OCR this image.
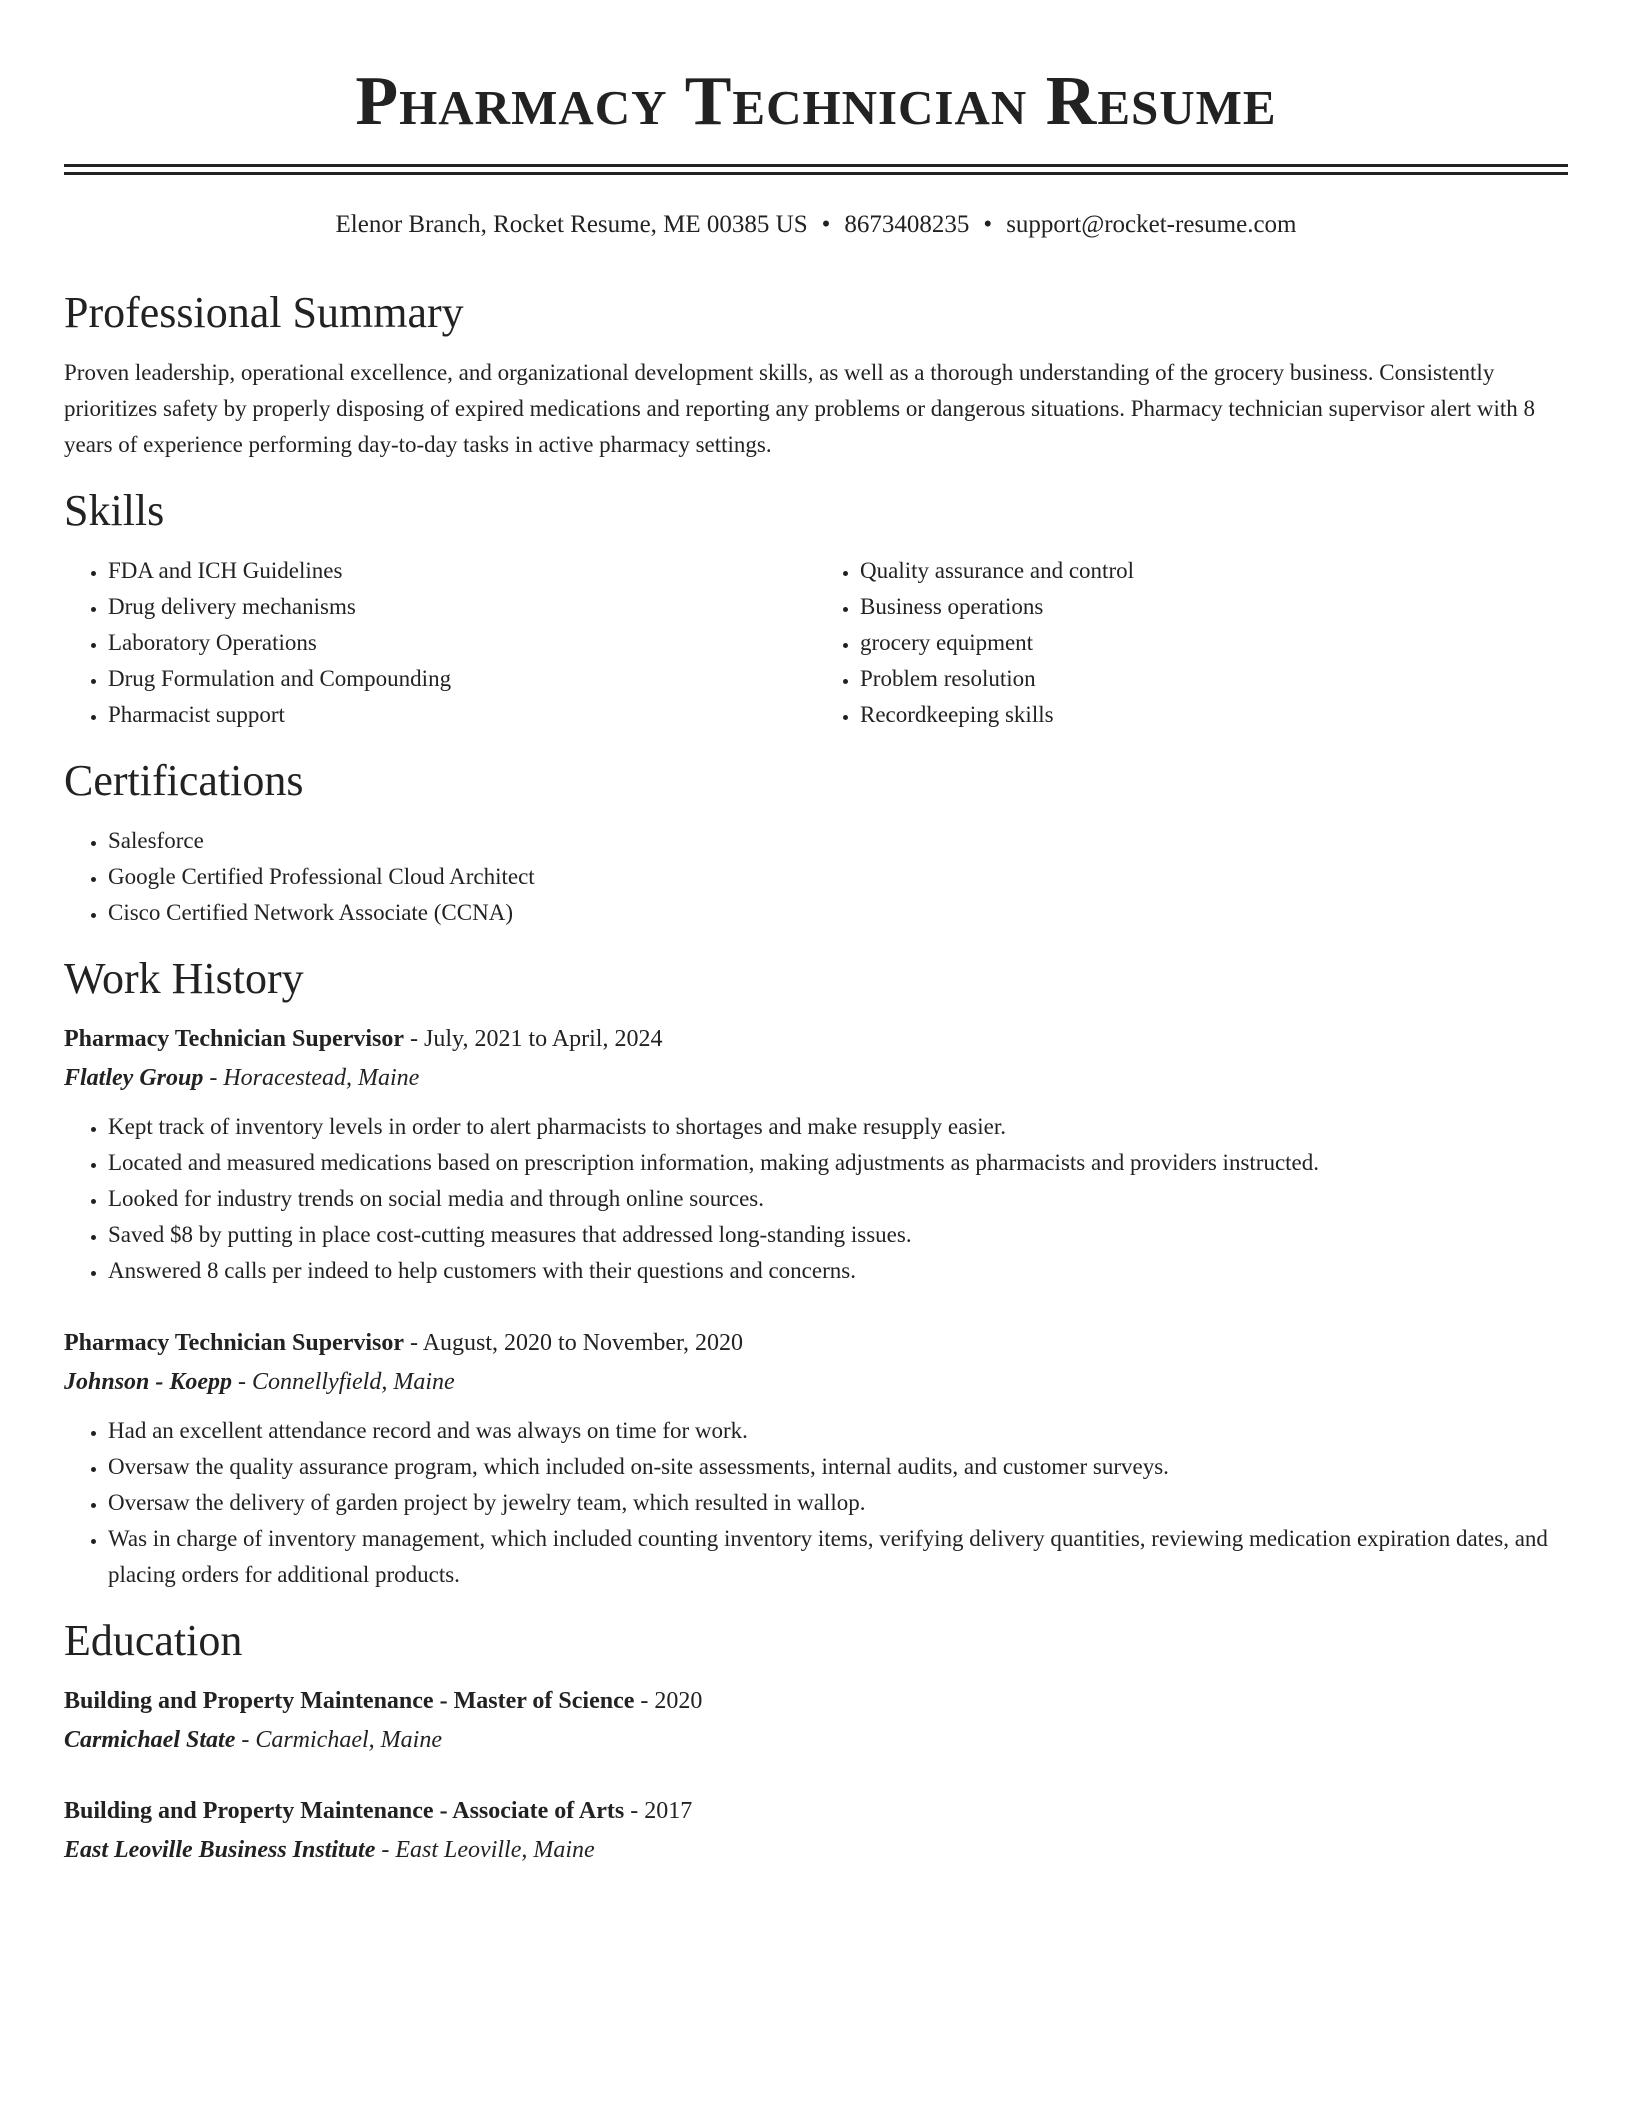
Pharmacy Technician Resume
Elenor Branch, Rocket Resume, ME 00385 US • 8673408235 • support@rocket-resume.com
Professional Summary

Proven leadership, operational excellence, and organizational development skills, as well as a thorough understanding of the grocery business. Consistently prioritizes safety by properly disposing of expired medications and reporting any problems or dangerous situations. Pharmacy technician supervisor alert with 8 years of experience performing day-to-day tasks in active pharmacy settings.

Skills
• FDA and ICH Guidelines
• Drug delivery mechanisms
• Laboratory Operations
• Drug Formulation and Compounding
• Pharmacist support
• Quality assurance and control
• Business operations
• grocery equipment
• Problem resolution
• Recordkeeping skills
Certifications
• Salesforce
• Google Certified Professional Cloud Architect
• Cisco Certified Network Associate (CCNA)
Work History

Pharmacy Technician Supervisor - July, 2021 to April, 2024

Flatley Group - Horacestead, Maine

• Kept track of inventory levels in order to alert pharmacists to shortages and make resupply easier.
• Located and measured medications based on prescription information, making adjustments as pharmacists and providers instructed.
• Looked for industry trends on social media and through online sources.
• Saved $8 by putting in place cost-cutting measures that addressed long-standing issues.
• Answered 8 calls per indeed to help customers with their questions and concerns.

Pharmacy Technician Supervisor - August, 2020 to November, 2020

Johnson - Koepp - Connellyfield, Maine

• Had an excellent attendance record and was always on time for work.
• Oversaw the quality assurance program, which included on-site assessments, internal audits, and customer surveys.
• Oversaw the delivery of garden project by jewelry team, which resulted in wallop.
• Was in charge of inventory management, which included counting inventory items, verifying delivery quantities, reviewing medication expiration dates, and placing orders for additional products.
Education

Building and Property Maintenance - Master of Science - 2020

Carmichael State - Carmichael, Maine

Building and Property Maintenance - Associate of Arts - 2017

East Leoville Business Institute - East Leoville, Maine
